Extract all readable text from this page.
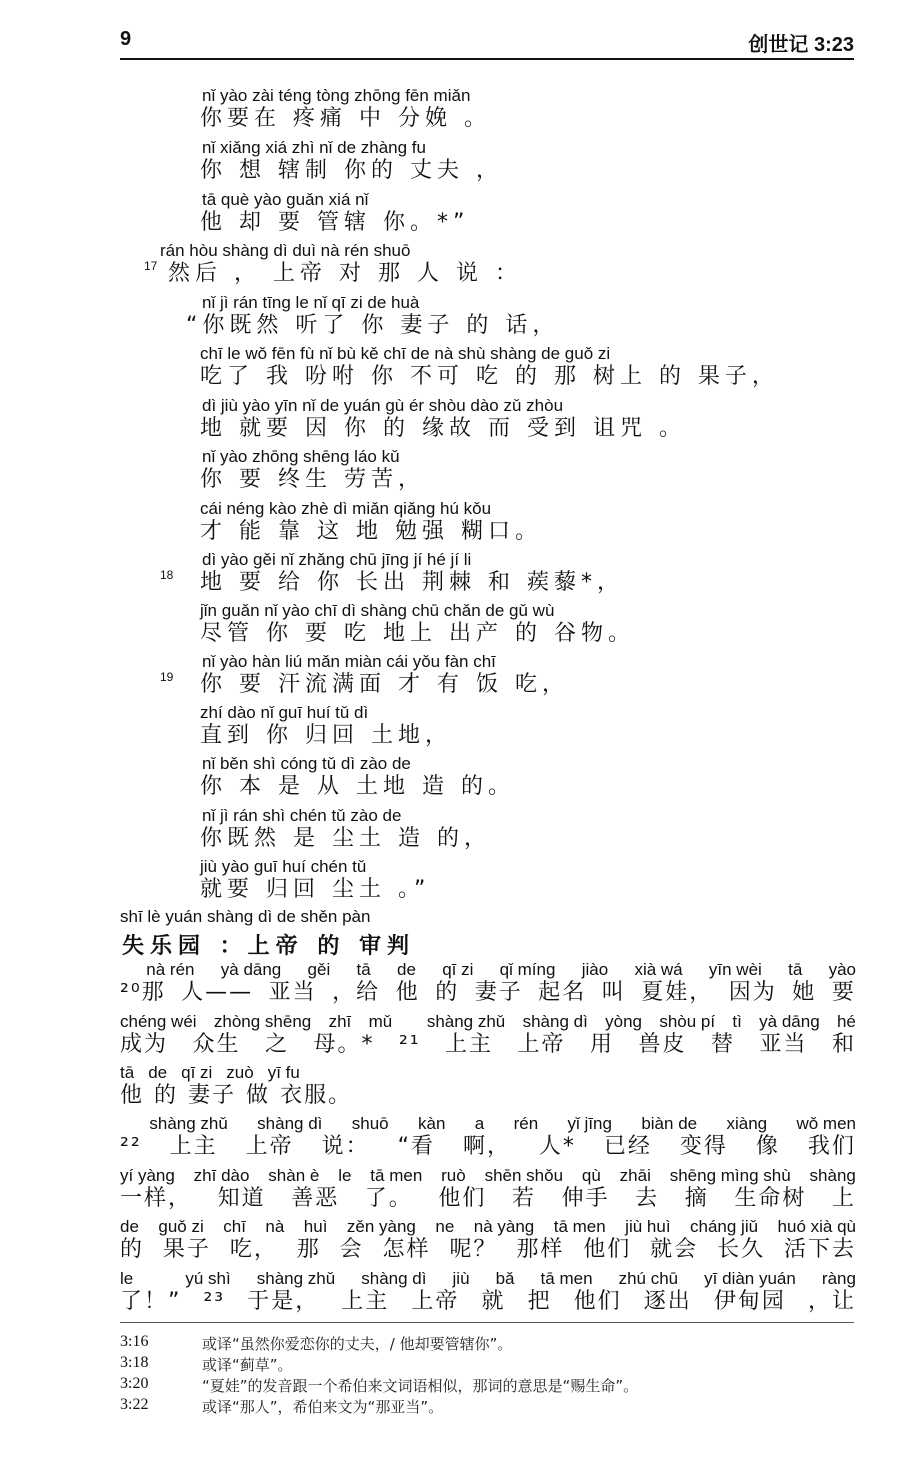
9	创世记 3:23
nǐ yào zài téng tòng zhōng fēn miǎn
你要在 疼痛 中 分娩 。
nǐ xiǎng xiá zhì nǐ de zhàng fu
你 想 辖制 你的 丈夫 ，
tā què yào guǎn xiá nǐ
他 却 要 管辖 你。*”
17
rán hòu shàng dì duì nà rén shuō
然后 ， 上帝 对 那 人 说 ：
nǐ jì rán tīng le nǐ qī zi de huà
“你既然 听了 你 妻子 的 话，
chī le wǒ fēn fù nǐ bù kě chī de nà shù shàng de guǒ zi
吃了 我 吩咐 你 不可 吃 的 那 树上 的 果子，
dì jiù yào yīn nǐ de yuán gù ér shòu dào zǔ zhòu
地 就要 因 你 的 缘故 而 受到 诅咒 。
nǐ yào zhōng shēng láo kǔ
你 要 终生 劳苦，
cái néng kào zhè dì miǎn qiǎng hú kǒu
才 能 靠 这 地 勉强 糊口。
18
dì yào gěi nǐ zhǎng chū jīng jí hé jí li
地 要 给 你 长出 荆棘 和 蒺藜*，
jǐn guǎn nǐ yào chī dì shàng chū chǎn de gǔ wù
尽管 你 要 吃 地上 出产 的 谷物。
19
nǐ yào hàn liú mǎn miàn cái yǒu fàn chī
你 要 汗流满面 才 有 饭 吃，
zhí dào nǐ guī huí tǔ dì
直到 你 归回 土地，
nǐ běn shì cóng tǔ dì zào de
你 本 是 从 土地 造 的。
nǐ jì rán shì chén tǔ zào de
你既然 是 尘土 造 的，
jiù yào guī huí chén tǔ
就要 归回 尘土 。”
shī lè yuán shàng dì de shěn pàn
失乐园 ：上帝 的 审判
nà rén yà dāng gěi tā de qī zi qǐ míng jiào xià wá yīn wèi tā yào
²⁰那 人—— 亚当 ，给 他 的 妻子 起名 叫 夏娃， 因为 她 要
chéng wéi zhòng shēng zhī mǔ shàng zhǔ shàng dì yòng shòu pí tì yà dāng hé
成为 众生 之 母。* ²¹ 上主 上帝 用 兽皮 替 亚当 和
tā de qī zi zuò yī fu
他 的 妻子 做 衣服。
shàng zhǔ shàng dì shuō kàn a rén yǐ jīng biàn de xiàng wǒ men
²² 上主 上帝 说： “看 啊， 人* 已经 变得 像 我们
yí yàng zhī dào shàn è le tā men ruò shēn shǒu qù zhāi shēng mìng shù shàng
一样， 知道 善恶 了。 他们 若 伸手 去 摘 生命树 上
de guǒ zi chī nà huì zěn yàng ne nà yàng tā men jiù huì cháng jiǔ huó xià qù
的 果子 吃， 那 会 怎样 呢？ 那样 他们 就会 长久 活下去
le	yú shì shàng zhǔ shàng dì jiù bǎ tā men zhú chū yī diàn yuán ràng
了！” ²³ 于是， 上主 上帝 就 把 他们 逐出 伊甸园 ，让
3:16	或译“虽然你爱恋你的丈夫，/ 他却要管辖你”。
3:18	或译“蓟草”。
3:20	“夏娃”的发音跟一个希伯来文词语相似，那词的意思是“赐生命”。
3:22	或译“那人”，希伯来文为“那亚当”。
